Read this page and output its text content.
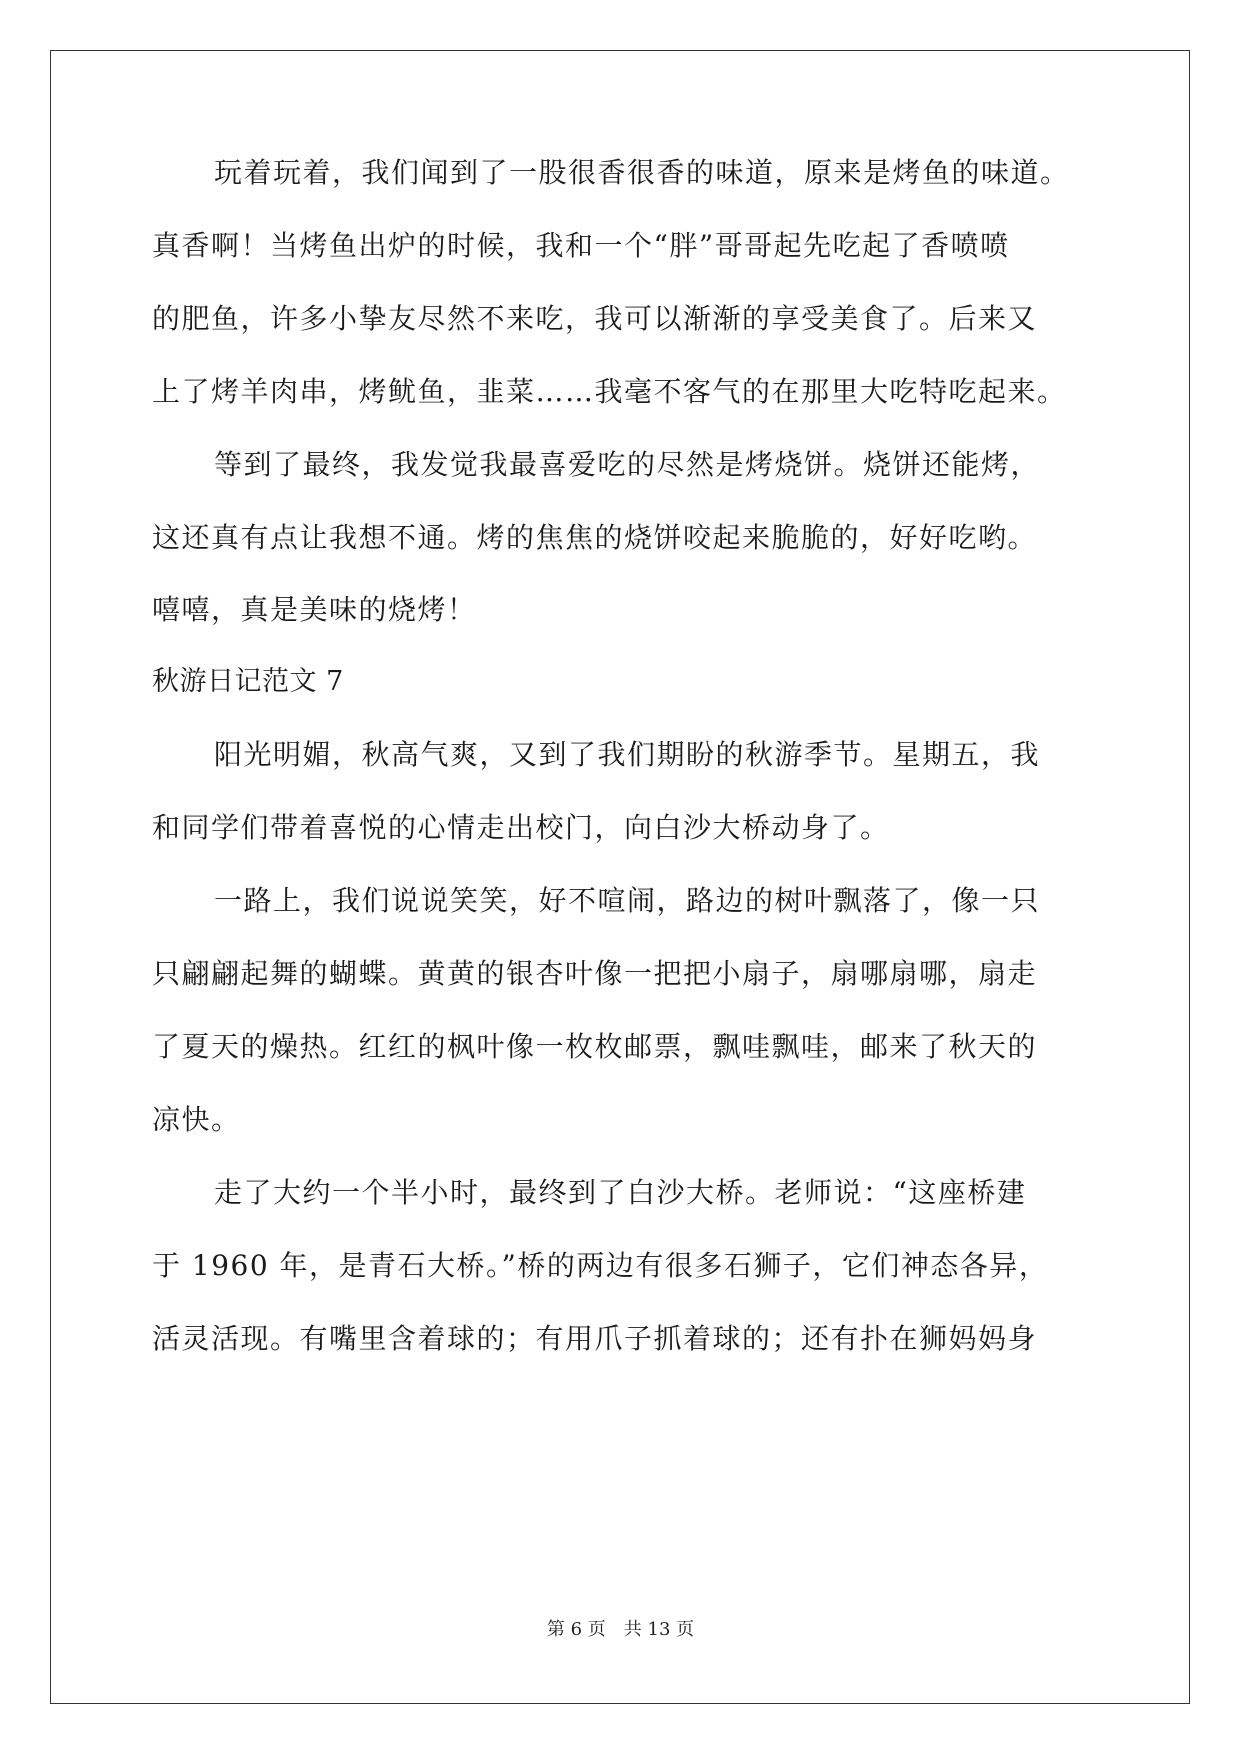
玩着玩着，我们闻到了一股很香很香的味道，原来是烤鱼的味道。
真香啊！当烤鱼出炉的时候，我和一个“胖”哥哥起先吃起了香喷喷
的肥鱼，许多小挚友尽然不来吃，我可以渐渐的享受美食了。后来又
上了烤羊肉串，烤鱿鱼，韭菜……我毫不客气的在那里大吃特吃起来。
等到了最终，我发觉我最喜爱吃的尽然是烤烧饼。烧饼还能烤，
这还真有点让我想不通。烤的焦焦的烧饼咬起来脆脆的，好好吃哟。
嘻嘻，真是美味的烧烤！
秋游日记范文 7
阳光明媚，秋高气爽，又到了我们期盼的秋游季节。星期五，我
和同学们带着喜悦的心情走出校门，向白沙大桥动身了。
一路上，我们说说笑笑，好不喧闹，路边的树叶飘落了，像一只
只翩翩起舞的蝴蝶。黄黄的银杏叶像一把把小扇子，扇哪扇哪，扇走
了夏天的燥热。红红的枫叶像一枚枚邮票，飘哇飘哇，邮来了秋天的
凉快。
走了大约一个半小时，最终到了白沙大桥。老师说：“这座桥建
于 1960 年，是青石大桥。”桥的两边有很多石狮子，它们神态各异，
活灵活现。有嘴里含着球的；有用爪子抓着球的；还有扑在狮妈妈身
第 6 页　共 13 页
